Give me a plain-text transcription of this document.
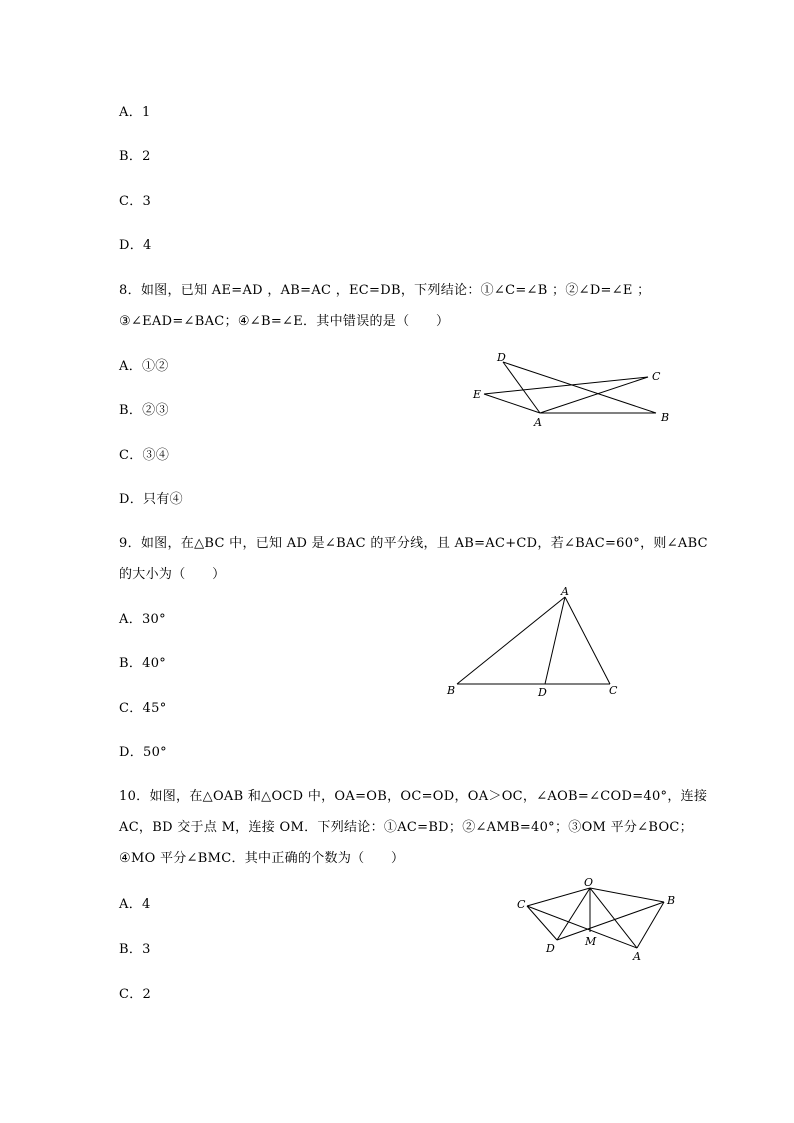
A．1
B．2
C．3
D．4
8．如图，已知 AE=AD ，AB=AC ，EC=DB，下列结论：①∠C=∠B ；②∠D=∠E ；
③∠EAD=∠BAC；④∠B=∠E．其中错误的是（　　）
A．①②
B．②③
C．③④
D．只有④
D
C
E
A	B
9．如图，在△BC 中，已知 AD 是∠BAC 的平分线，且 AB=AC+CD，若∠BAC=60°，则∠ABC
的大小为（　　）
A．30°
B．40°
C．45°
D．50°
A
B	D	C
10．如图，在△OAB 和△OCD 中，OA=OB，OC=OD，OA＞OC，∠AOB=∠COD=40°，连接
AC，BD 交于点 M，连接 OM．下列结论：①AC=BD；②∠AMB=40°；③OM 平分∠BOC；
④MO 平分∠BMC．其中正确的个数为（　　）
A．4
B．3
C．2
O
C	B
D
M
A
